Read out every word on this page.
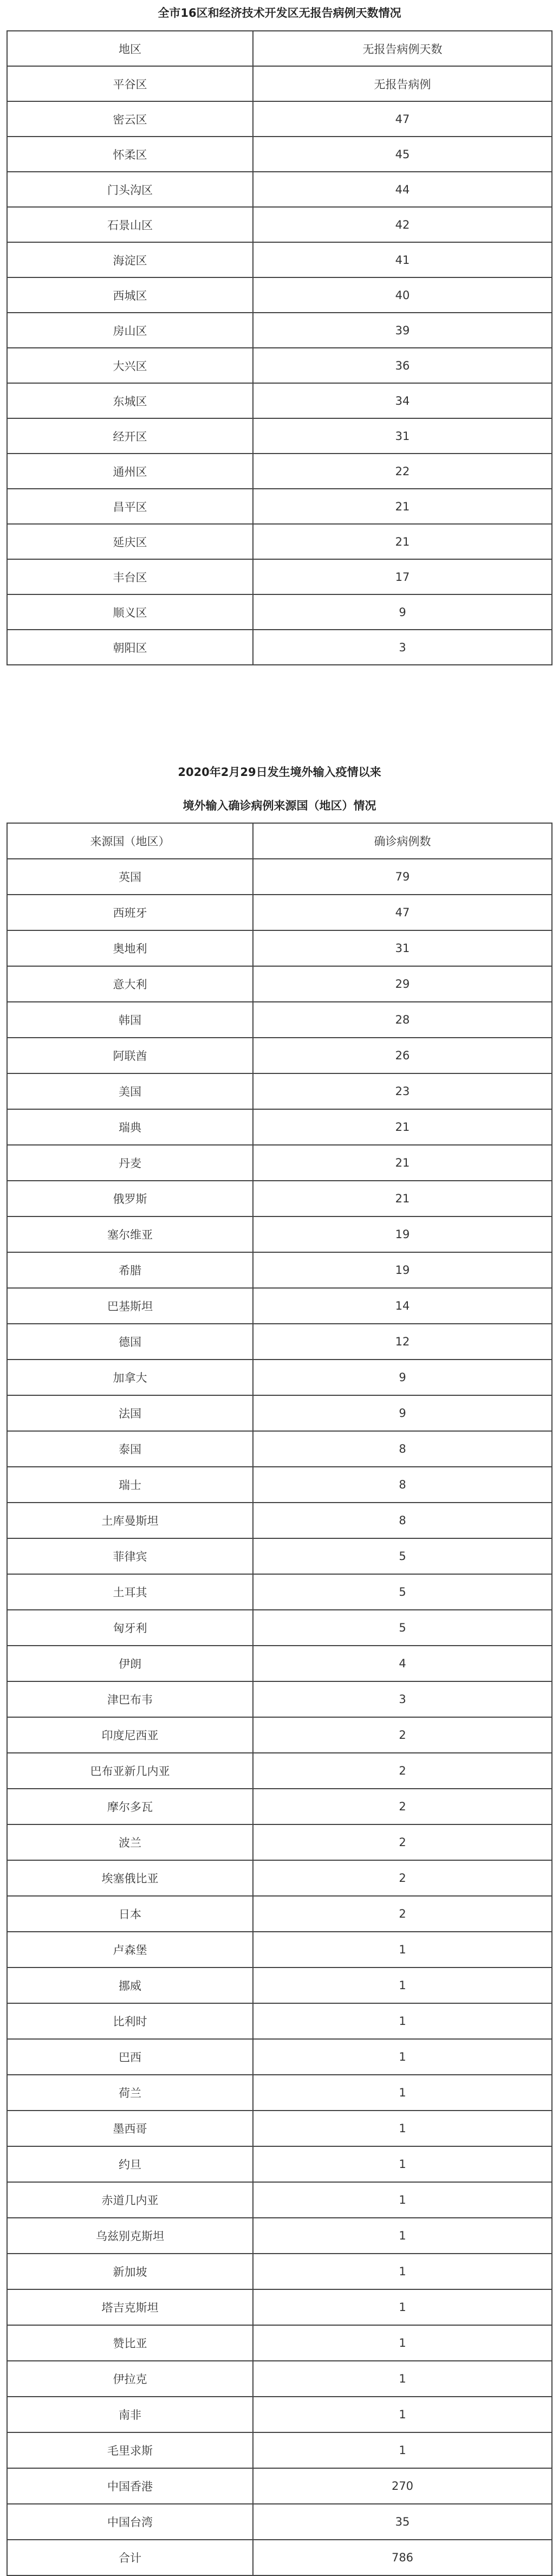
全市16区和经济技术开发区无报告病例天数情况
地区	无报告病例天数
平谷区	无报告病例
密云区	47
怀柔区	45
门头沟区	44
石景山区	42
海淀区	41
西城区	40
房山区	39
大兴区	36
东城区	34
经开区	31
通州区	22
昌平区	21
延庆区	21
丰台区	17
顺义区	9
朝阳区	3
2020年2月29日发生境外输入疫情以来
境外输入确诊病例来源国（地区）情况
来源国（地区）	确诊病例数
英国	79
西班牙	47
奥地利	31
意大利	29
韩国	28
阿联酋	26
美国	23
瑞典	21
丹麦	21
俄罗斯	21
塞尔维亚	19
希腊	19
巴基斯坦	14
德国	12
加拿大	9
法国	9
泰国	8
瑞士	8
土库曼斯坦	8
菲律宾	5
土耳其	5
匈牙利	5
伊朗	4
津巴布韦	3
印度尼西亚	2
巴布亚新几内亚	2
摩尔多瓦	2
波兰	2
埃塞俄比亚	2
日本	2
卢森堡	1
挪威	1
比利时	1
巴西	1
荷兰	1
墨西哥	1
约旦	1
赤道几内亚	1
乌兹别克斯坦	1
新加坡	1
塔吉克斯坦	1
赞比亚	1
伊拉克	1
南非	1
毛里求斯	1
中国香港	270
中国台湾	35
合计	786
